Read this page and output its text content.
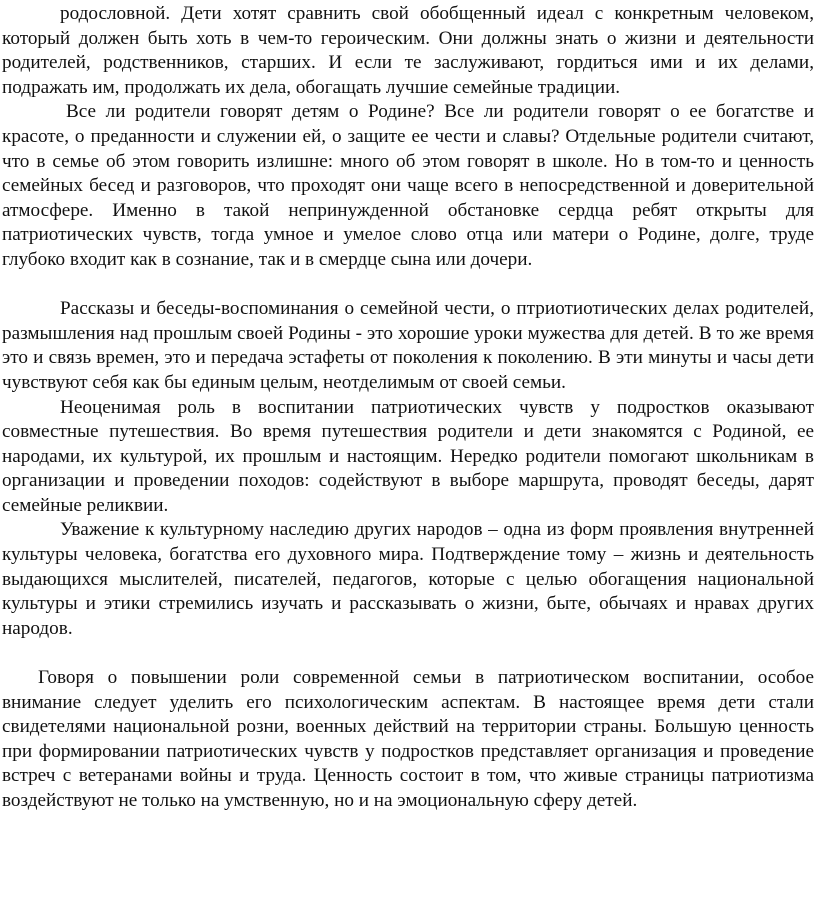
родословной. Дети хотят сравнить свой обобщенный идеал с конкретным человеком, который должен быть хоть в чем-то героическим. Они должны знать о жизни и деятельности родителей, родственников, старших. И если те заслуживают, гордиться ими и их делами, подражать им, продолжать их дела, обогащать лучшие семейные традиции.

Все ли родители говорят детям о Родине? Все ли родители говорят о ее богатстве и красоте, о преданности и служении ей, о защите ее чести и славы? Отдельные родители считают, что в семье об этом говорить излишне: много об этом говорят в школе. Но в том-то и ценность семейных бесед и разговоров, что проходят они чаще всего в непосредственной и доверительной атмосфере. Именно в такой непринужденной обстановке сердца ребят открыты для патриотических чувств, тогда умное и умелое слово отца или матери о Родине, долге, труде глубоко входит как в сознание, так и в смердце сына или дочери.

Рассказы и беседы-воспоминания о семейной чести, о птриотиотических делах родителей, размышления над прошлым своей Родины - это хорошие уроки мужества для детей. В то же время это и связь времен, это и передача эстафеты от поколения к поколению. В эти минуты и часы дети чувствуют себя как бы единым целым, неотделимым от своей семьи.

Неоценимая роль в воспитании патриотических чувств у подростков оказывают совместные путешествия. Во время путешествия родители и дети знакомятся с Родиной, ее народами, их культурой, их прошлым и настоящим. Нередко родители помогают школьникам в организации и проведении походов: содействуют в выборе маршрута, проводят беседы, дарят семейные реликвии.

Уважение к культурному наследию других народов – одна из форм проявления внутренней культуры человека, богатства его духовного мира. Подтверждение тому – жизнь и деятельность выдающихся мыслителей, писателей, педагогов, которые с целью обогащения национальной культуры и этики стремились изучать и рассказывать о жизни, быте, обычаях и нравах других народов.

Говоря о повышении роли современной семьи в патриотическом воспитании, особое внимание следует уделить его психологическим аспектам. В настоящее время дети стали свидетелями национальной розни, военных действий на территории страны. Большую ценность при формировании патриотических чувств у подростков представляет организация и проведение встреч с ветеранами войны и труда. Ценность состоит в том, что живые страницы патриотизма воздействуют не только на умственную, но и на эмоциональную сферу детей.
